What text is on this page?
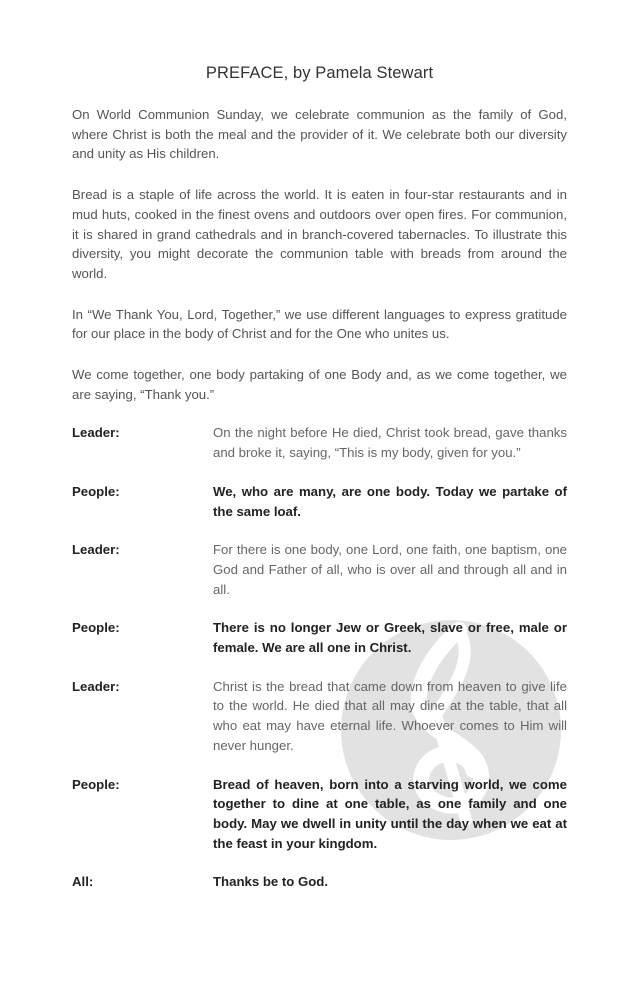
PREFACE, by Pamela Stewart

On World Communion Sunday, we celebrate communion as the family of God, where Christ is both the meal and the provider of it. We celebrate both our diversity and unity as His children.

Bread is a staple of life across the world. It is eaten in four-star restaurants and in mud huts, cooked in the finest ovens and outdoors over open fires. For communion, it is shared in grand cathedrals and in branch-covered tabernacles. To illustrate this diversity, you might decorate the communion table with breads from around the world.

In “We Thank You, Lord, Together,” we use different languages to express gratitude for our place in the body of Christ and for the One who unites us.

We come together, one body partaking of one Body and, as we come together, we are saying, “Thank you.”

Leader:	On the night before He died, Christ took bread, gave thanks and broke it, saying, “This is my body, given for you.”
People:	We, who are many, are one body. Today we partake of the same loaf.
Leader:	For there is one body, one Lord, one faith, one baptism, one God and Father of all, who is over all and through all and in all.
People:	There is no longer Jew or Greek, slave or free, male or female. We are all one in Christ.
Leader:	Christ is the bread that came down from heaven to give life to the world. He died that all may dine at the table, that all who eat may have eternal life. Whoever comes to Him will never hunger.
People:	Bread of heaven, born into a starving world, we come together to dine at one table, as one family and one body. May we dwell in unity until the day when we eat at the feast in your kingdom.
All:	Thanks be to God.
